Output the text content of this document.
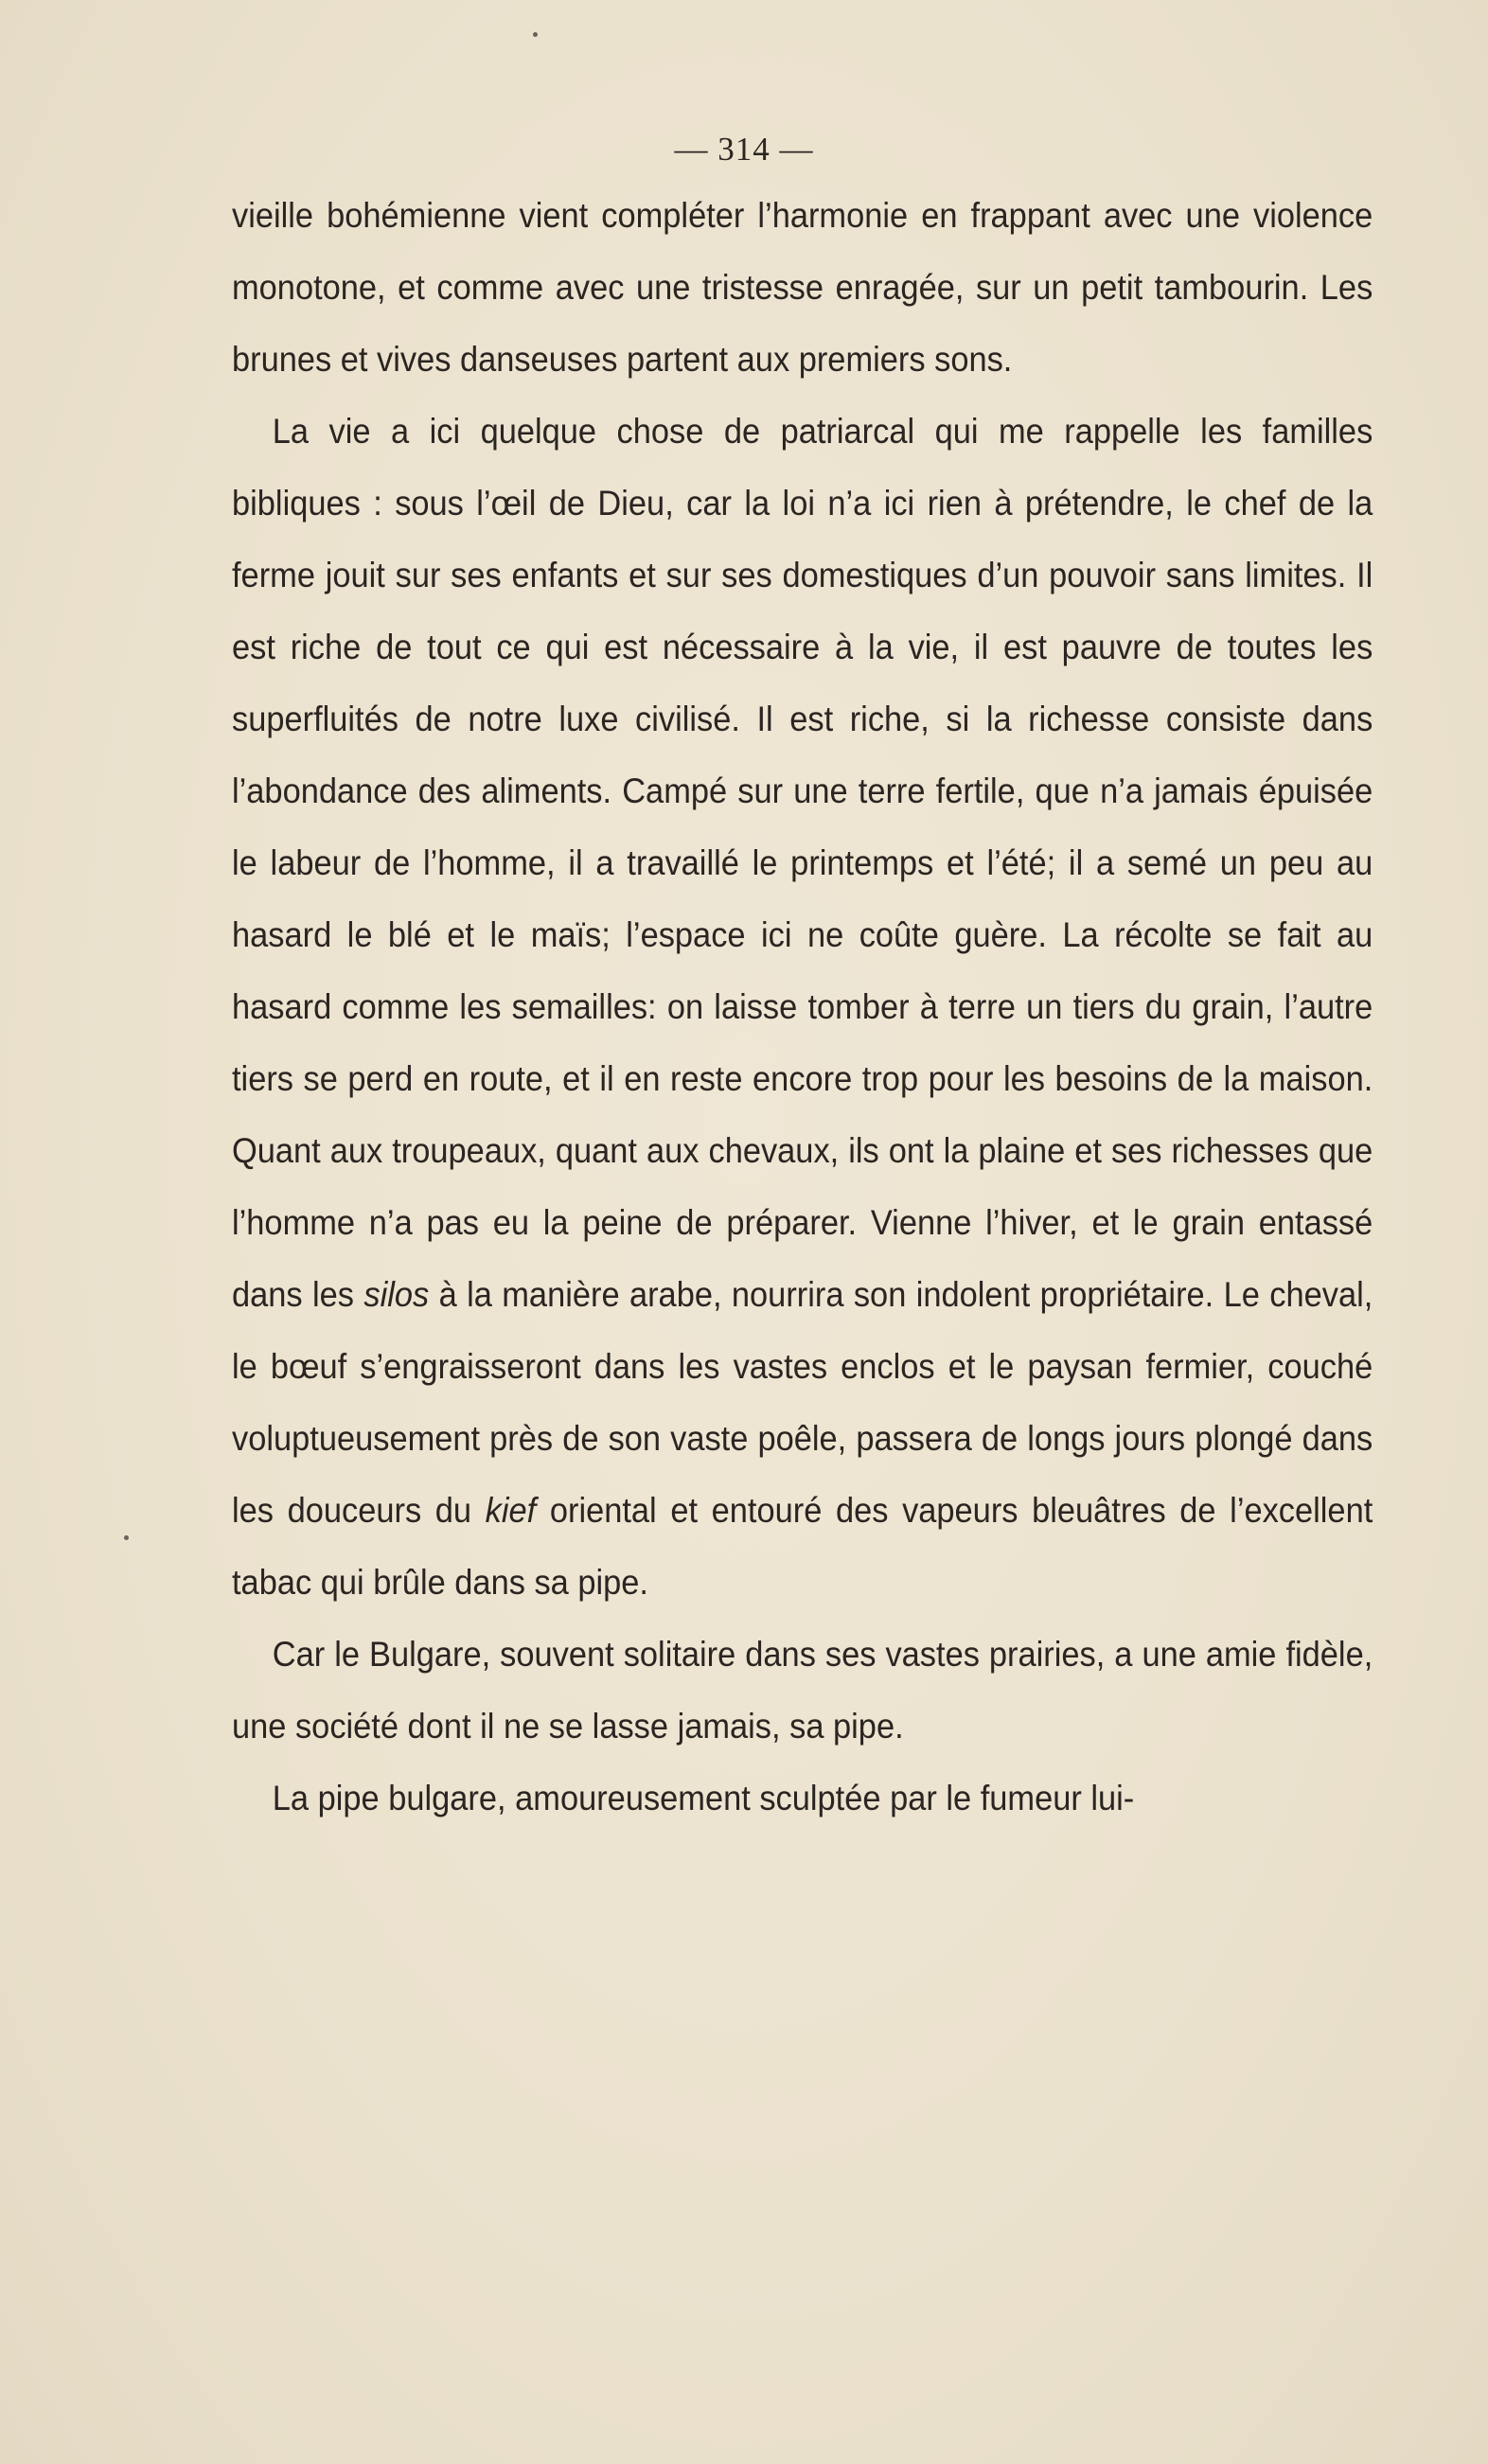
— 314 —

vieille bohémienne vient compléter l’harmonie en frappant avec une violence monotone, et comme avec une tristesse enragée, sur un petit tambourin. Les brunes et vives danseuses partent aux premiers sons.

La vie a ici quelque chose de patriarcal qui me rappelle les familles bibliques : sous l’œil de Dieu, car la loi n’a ici rien à prétendre, le chef de la ferme jouit sur ses enfants et sur ses domestiques d’un pouvoir sans limites. Il est riche de tout ce qui est nécessaire à la vie, il est pauvre de toutes les superfluités de notre luxe civilisé. Il est riche, si la richesse consiste dans l’abondance des aliments. Campé sur une terre fertile, que n’a jamais épuisée le labeur de l’homme, il a travaillé le printemps et l’été; il a semé un peu au hasard le blé et le maïs; l’espace ici ne coûte guère. La récolte se fait au hasard comme les semailles: on laisse tomber à terre un tiers du grain, l’autre tiers se perd en route, et il en reste encore trop pour les besoins de la maison. Quant aux troupeaux, quant aux chevaux, ils ont la plaine et ses richesses que l’homme n’a pas eu la peine de préparer. Vienne l’hiver, et le grain entassé dans les silos à la manière arabe, nourrira son indolent propriétaire. Le cheval, le bœuf s’engraisseront dans les vastes enclos et le paysan fermier, couché voluptueusement près de son vaste poêle, passera de longs jours plongé dans les douceurs du kief oriental et entouré des vapeurs bleuâtres de l’excellent tabac qui brûle dans sa pipe.

Car le Bulgare, souvent solitaire dans ses vastes prairies, a une amie fidèle, une société dont il ne se lasse jamais, sa pipe.

La pipe bulgare, amoureusement sculptée par le fumeur lui-
